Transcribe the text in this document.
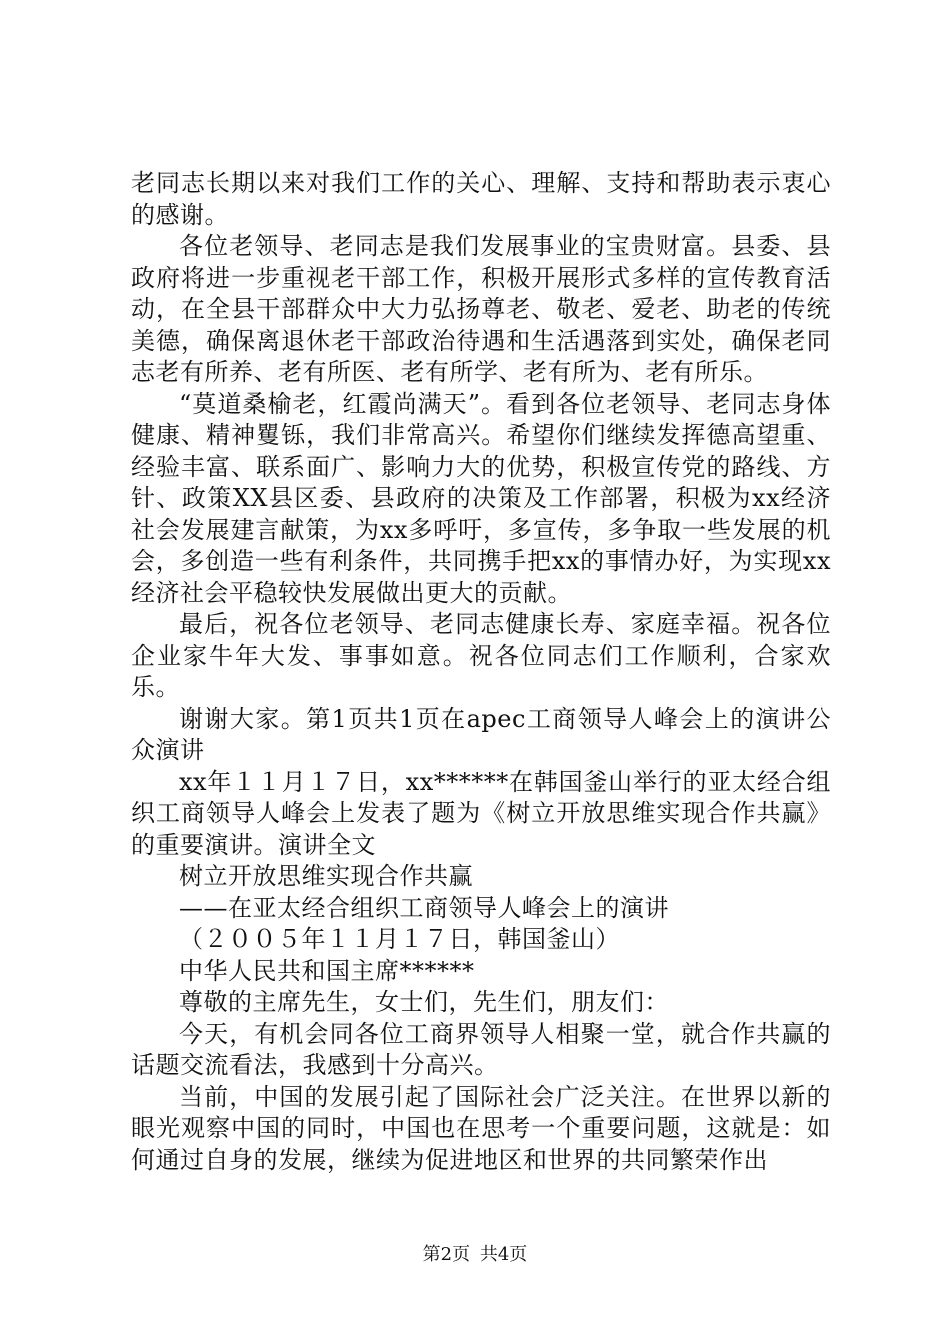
老同志长期以来对我们工作的关心、理解、支持和帮助表示衷心的感谢。

各位老领导、老同志是我们发展事业的宝贵财富。县委、县政府将进一步重视老干部工作，积极开展形式多样的宣传教育活动，在全县干部群众中大力弘扬尊老、敬老、爱老、助老的传统美德，确保离退休老干部政治待遇和生活遇落到实处，确保老同志老有所养、老有所医、老有所学、老有所为、老有所乐。

“莫道桑榆老，红霞尚满天”。看到各位老领导、老同志身体健康、精神矍铄，我们非常高兴。希望你们继续发挥德高望重、经验丰富、联系面广、影响力大的优势，积极宣传党的路线、方针、政策XX县区委、县政府的决策及工作部署，积极为xx经济社会发展建言献策，为xx多呼吁，多宣传，多争取一些发展的机会，多创造一些有利条件，共同携手把xx的事情办好，为实现xx经济社会平稳较快发展做出更大的贡献。

最后，祝各位老领导、老同志健康长寿、家庭幸福。祝各位企业家牛年大发、事事如意。祝各位同志们工作顺利，合家欢乐。

谢谢大家。第1页共1页在apec工商领导人峰会上的演讲公众演讲

xx年１１月１７日，xx******在韩国釜山举行的亚太经合组织工商领导人峰会上发表了题为《树立开放思维实现合作共赢》的重要演讲。演讲全文

树立开放思维实现合作共赢

——在亚太经合组织工商领导人峰会上的演讲

（２００５年１１月１７日，韩国釜山）

中华人民共和国主席******

尊敬的主席先生，女士们，先生们，朋友们：

今天，有机会同各位工商界领导人相聚一堂，就合作共赢的话题交流看法，我感到十分高兴。

当前，中国的发展引起了国际社会广泛关注。在世界以新的眼光观察中国的同时，中国也在思考一个重要问题，这就是：如何通过自身的发展，继续为促进地区和世界的共同繁荣作出

第2页 共4页
